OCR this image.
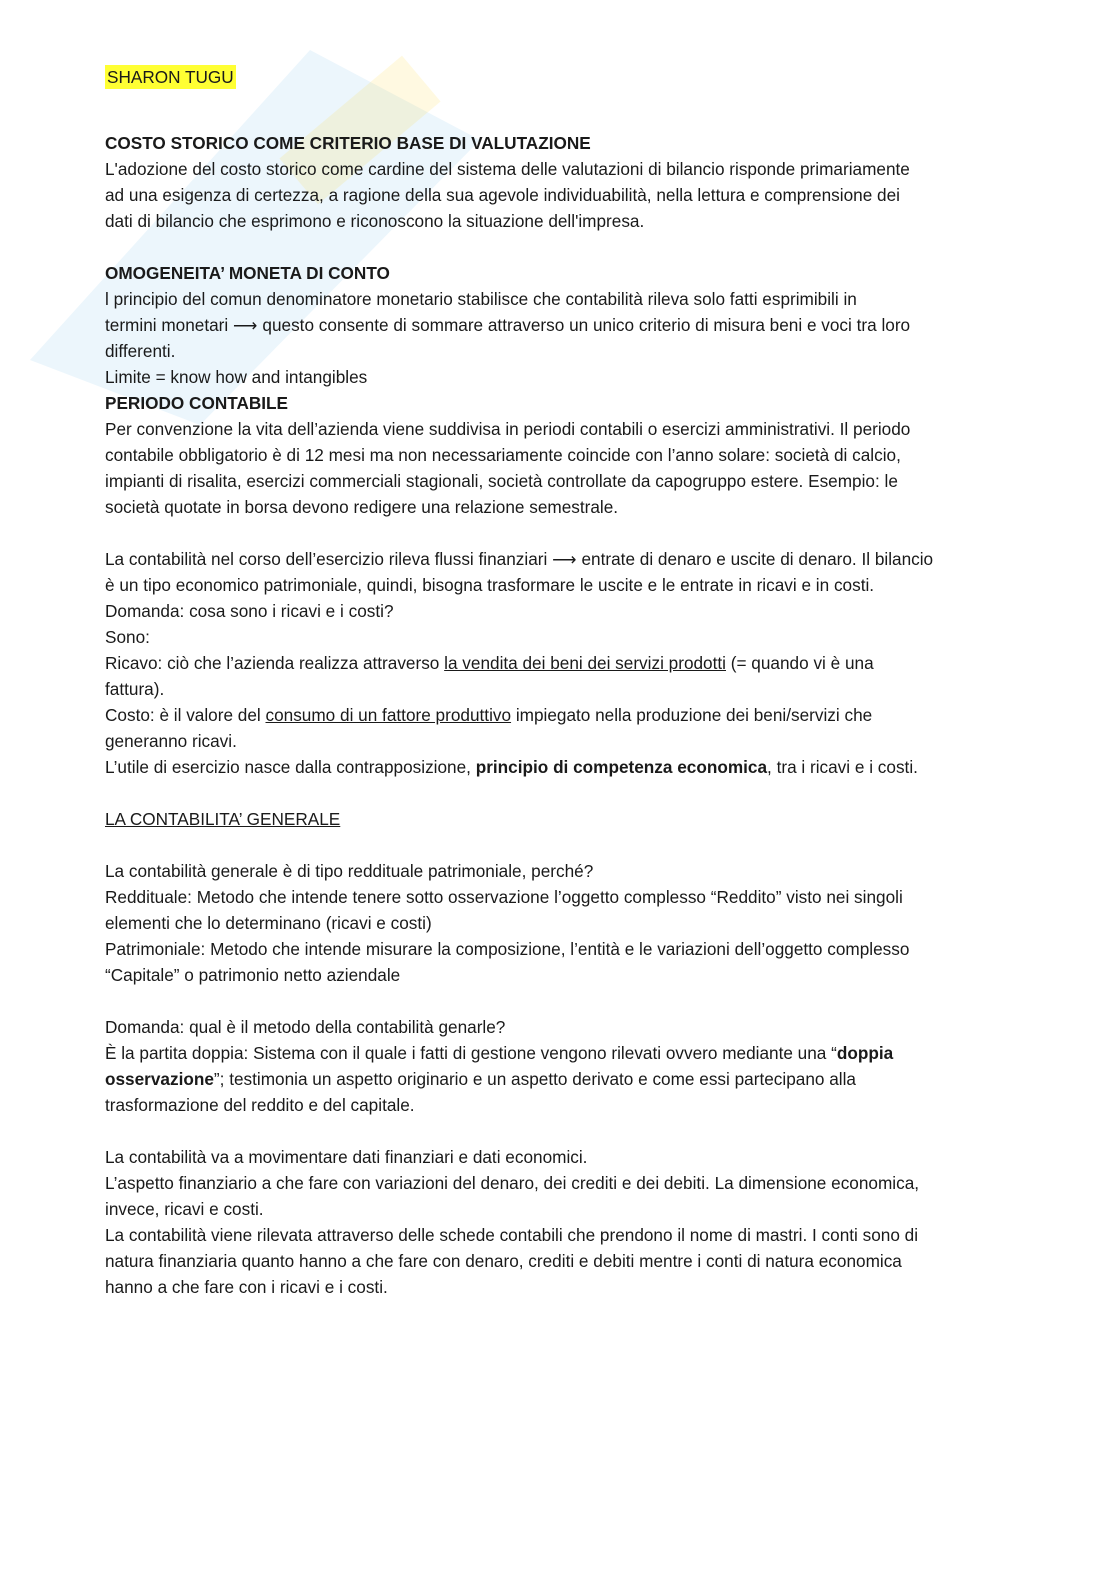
SHARON TUGU

COSTO STORICO COME CRITERIO BASE DI VALUTAZIONE

L'adozione del costo storico come cardine del sistema delle valutazioni di bilancio risponde primariamente

ad una esigenza di certezza, a ragione della sua agevole individuabilità, nella lettura e comprensione dei

dati di bilancio che esprimono e riconoscono la situazione dell'impresa.

OMOGENEITA’ MONETA DI CONTO

l principio del comun denominatore monetario stabilisce che contabilità rileva solo fatti esprimibili in

termini monetari ⟶ questo consente di sommare attraverso un unico criterio di misura beni e voci tra loro

differenti.

Limite = know how and intangibles

PERIODO CONTABILE

Per convenzione la vita dell’azienda viene suddivisa in periodi contabili o esercizi amministrativi. Il periodo

contabile obbligatorio è di 12 mesi ma non necessariamente coincide con l’anno solare: società di calcio,

impianti di risalita, esercizi commerciali stagionali, società controllate da capogruppo estere. Esempio: le

società quotate in borsa devono redigere una relazione semestrale.

La contabilità nel corso dell’esercizio rileva flussi finanziari ⟶ entrate di denaro e uscite di denaro. Il bilancio

è un tipo economico patrimoniale, quindi, bisogna trasformare le uscite e le entrate in ricavi e in costi.

Domanda: cosa sono i ricavi e i costi?

Sono:

Ricavo: ciò che l’azienda realizza attraverso la vendita dei beni dei servizi prodotti (= quando vi è una

fattura).

Costo: è il valore del consumo di un fattore produttivo impiegato nella produzione dei beni/servizi che

generanno ricavi.

L’utile di esercizio nasce dalla contrapposizione, principio di competenza economica, tra i ricavi e i costi.

LA CONTABILITA’ GENERALE

La contabilità generale è di tipo reddituale patrimoniale, perché?

Reddituale: Metodo che intende tenere sotto osservazione l’oggetto complesso “Reddito” visto nei singoli

elementi che lo determinano (ricavi e costi)

Patrimoniale: Metodo che intende misurare la composizione, l’entità e le variazioni dell’oggetto complesso

“Capitale” o patrimonio netto aziendale

Domanda: qual è il metodo della contabilità genarle?

È la partita doppia: Sistema con il quale i fatti di gestione vengono rilevati ovvero mediante una “doppia

osservazione”; testimonia un aspetto originario e un aspetto derivato e come essi partecipano alla

trasformazione del reddito e del capitale.

La contabilità va a movimentare dati finanziari e dati economici.

L’aspetto finanziario a che fare con variazioni del denaro, dei crediti e dei debiti. La dimensione economica,

invece, ricavi e costi.

La contabilità viene rilevata attraverso delle schede contabili che prendono il nome di mastri. I conti sono di

natura finanziaria quanto hanno a che fare con denaro, crediti e debiti mentre i conti di natura economica

hanno a che fare con i ricavi e i costi.
